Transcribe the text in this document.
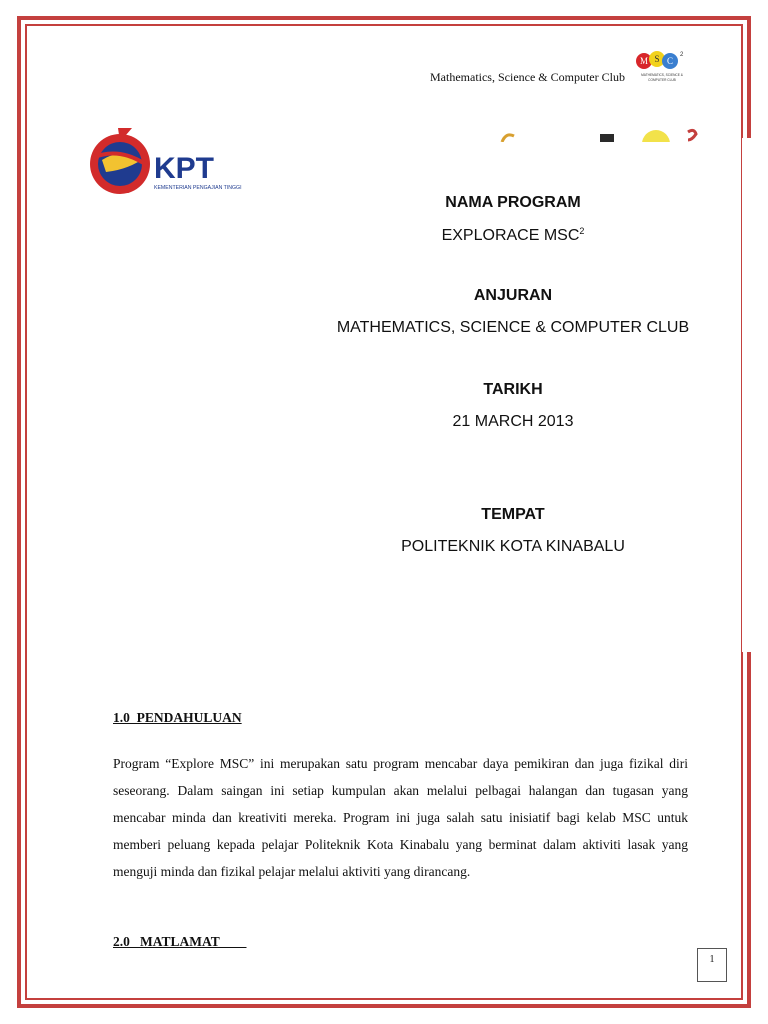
Mathematics, Science & Computer Club
M S C
2
MATHEMATICS, SCIENCE &
COMPUTER CLUB
KPT
KEMENTERIAN PENGAJIAN TINGGI
NAMA PROGRAM
EXPLORACE MSC$^2$
ANJURAN
MATHEMATICS, SCIENCE & COMPUTER CLUB
TARIKH
21 MARCH 2013
TEMPAT
POLITEKNIK KOTA KINABALU
1.0  PENDAHULUAN
Program “Explore MSC” ini merupakan satu program mencabar daya pemikiran dan juga fizikal diri seseorang. Dalam saingan ini setiap kumpulan akan melalui pelbagai halangan dan tugasan yang mencabar minda dan kreativiti mereka. Program ini juga salah satu inisiatif bagi kelab MSC untuk memberi peluang kepada pelajar Politeknik Kota Kinabalu yang berminat dalam aktiviti lasak yang menguji minda dan fizikal pelajar melalui aktiviti yang dirancang.
2.0   MATLAMAT
1
